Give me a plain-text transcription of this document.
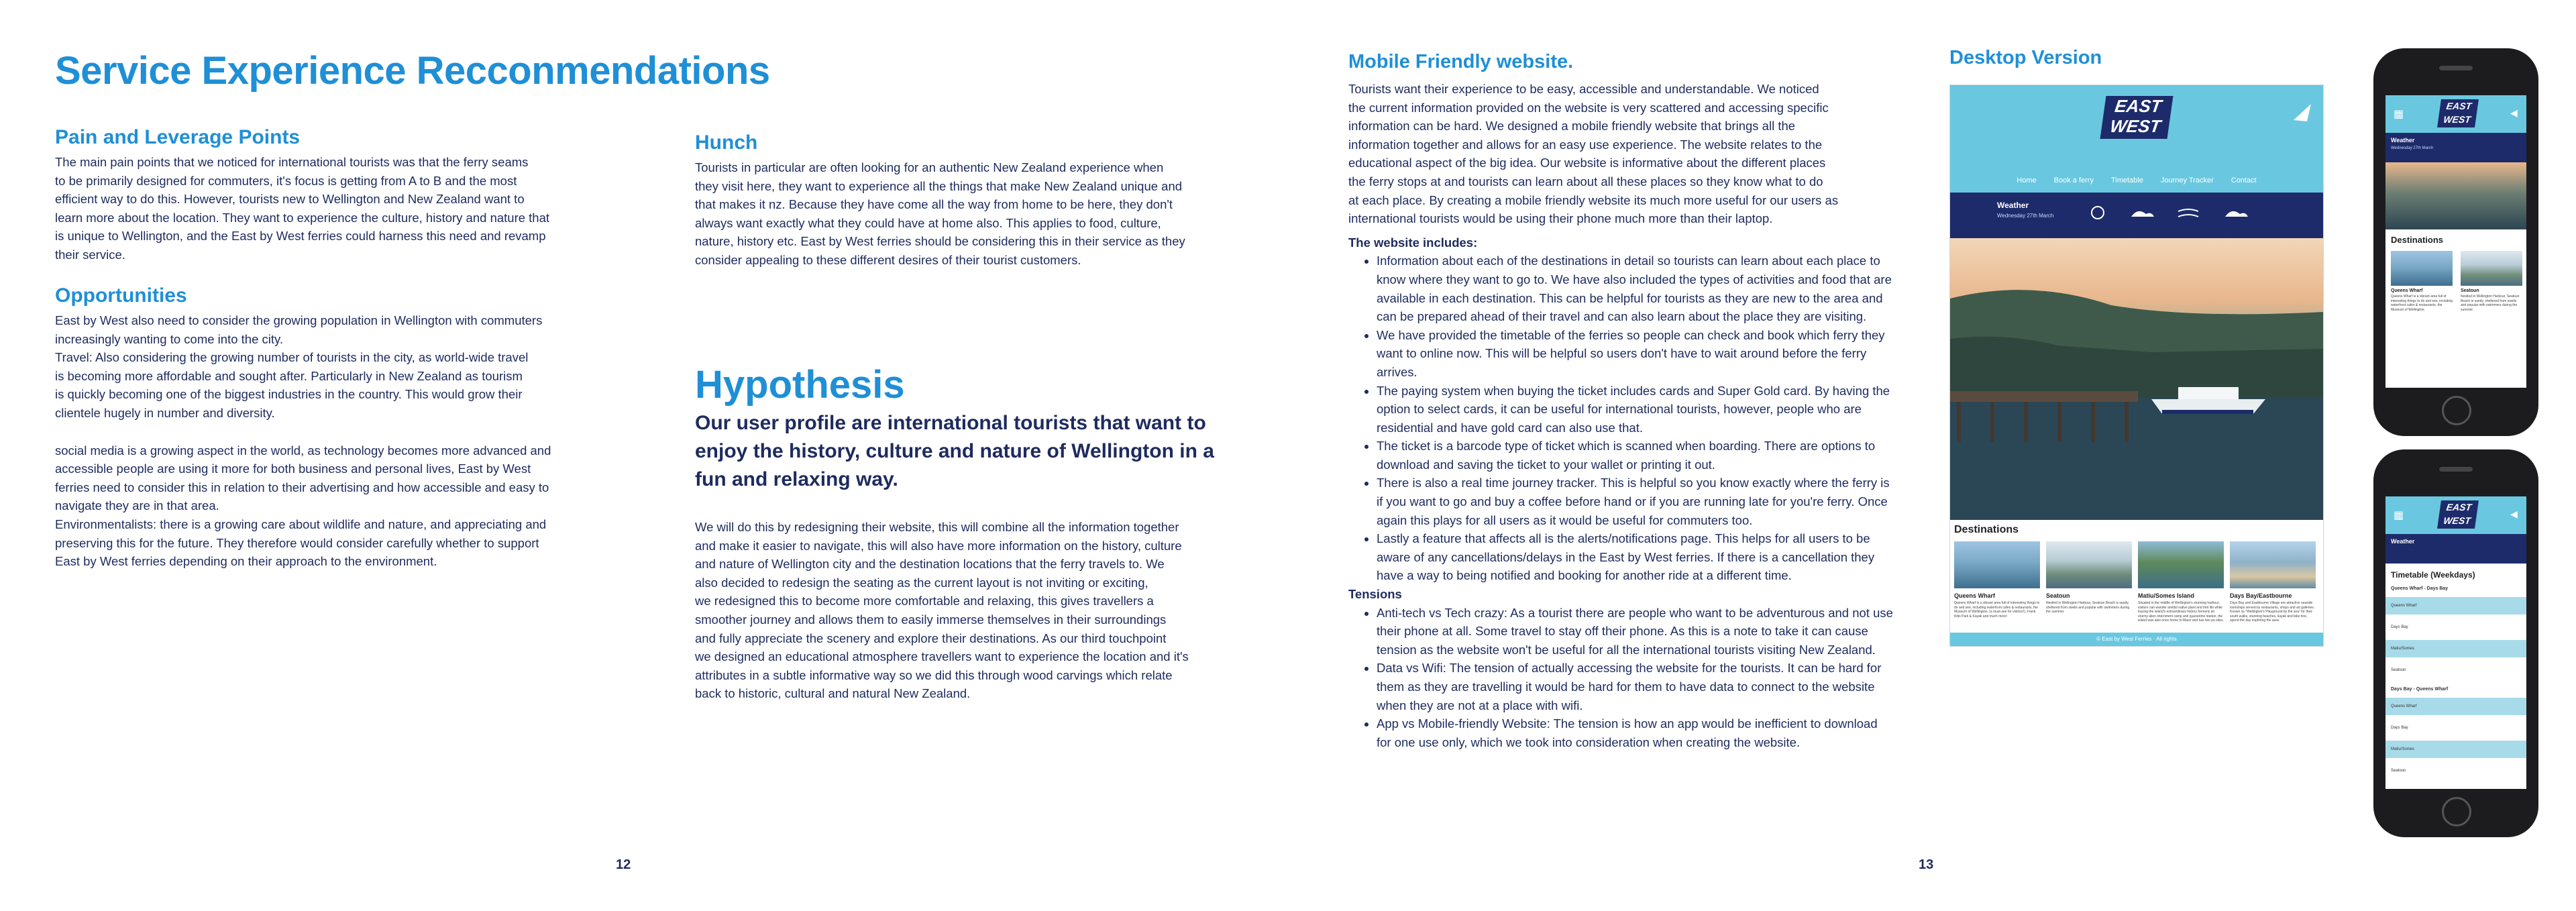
Service Experience Recconmendations
Pain and Leverage Points
The main pain points that we noticed for international tourists was that the ferry seams
to be primarily designed for commuters, it's focus is getting from A to B and the most
efficient way to do this. However, tourists new to Wellington and New Zealand want to
learn more about the location. They want to experience the culture, history and nature that
is unique to Wellington, and the East by West ferries could harness this need and revamp
their service.
Opportunities
East by West also need to consider the growing population in Wellington with commuters
increasingly wanting to come into the city.
Travel: Also considering the growing number of tourists in the city, as world-wide travel
is becoming more affordable and sought after. Particularly in New Zealand as tourism
is quickly becoming one of the biggest industries in the country. This would grow their
clientele hugely in number and diversity.
social media is a growing aspect in the world, as technology becomes more advanced and
accessible people are using it more for both business and personal lives, East by West
ferries need to consider this in relation to their advertising and how accessible and easy to
navigate they are in that area.
Environmentalists: there is a growing care about wildlife and nature, and appreciating and
preserving this for the future. They therefore would consider carefully whether to support
East by West ferries depending on their approach to the environment.
Hunch
Tourists in particular are often looking for an authentic New Zealand experience when
they visit here, they want to experience all the things that make New Zealand unique and
that makes it nz. Because they have come all the way from home to be here, they don't
always want exactly what they could have at home also. This applies to food, culture,
nature, history etc. East by West ferries should be considering this in their service as they
consider appealing to these different desires of their tourist customers.
Hypothesis
Our user profile are international tourists that want to enjoy the history, culture and nature of Wellington in a fun and relaxing way.
We will do this by redesigning their website, this will combine all the information together
and make it easier to navigate, this will also have more information on the history, culture
and nature of Wellington city and the destination locations that the ferry travels to. We
also decided to redesign the seating as the current layout is not inviting or exciting,
we redesigned this to become more comfortable and relaxing, this gives travellers a
smoother journey and allows them to easily immerse themselves in their surroundings
and fully appreciate the scenery and explore their destinations. As our third touchpoint
we designed an educational atmosphere travellers want to experience the location and it's
attributes in a subtle informative way so we did this through wood carvings which relate
back to historic, cultural and natural New Zealand.
12
Mobile Friendly website.
Tourists want their experience to be easy, accessible and understandable. We noticed
the current information provided on the website is very scattered and accessing specific
information can be hard. We designed a mobile friendly website that brings all the
information together and allows for an easy use experience. The website relates to the
educational aspect of the big idea. Our website is informative about the different places
the ferry stops at and tourists can learn about all these places so they know what to do
at each place. By creating a mobile friendly website its much more useful for our users as
international tourists would be using their phone much more than their laptop.
The website includes:
• Information about each of the destinations in detail so tourists can learn about each place to know where they want to go to. We have also included the types of activities and food that are available in each destination. This can be helpful for tourists as they are new to the area and can be prepared ahead of their travel and can also learn about the place they are visiting.
• We have provided the timetable of the ferries so people can check and book which ferry they want to online now. This will be helpful so users don't have to wait around before the ferry arrives.
• The paying system when buying the ticket includes cards and Super Gold card. By having the option to select cards, it can be useful for international tourists, however, people who are residential and have gold card can also use that.
• The ticket is a barcode type of ticket which is scanned when boarding. There are options to download and saving the ticket to your wallet or printing it out.
• There is also a real time journey tracker. This is helpful so you know exactly where the ferry is if you want to go and buy a coffee before hand or if you are running late for you're ferry. Once again this plays for all users as it would be useful for commuters too.
• Lastly a feature that affects all is the alerts/notifications page. This helps for all users to be aware of any cancellations/delays in the East by West ferries. If there is a cancellation they have a way to being notified and booking for another ride at a different time.
Tensions
• Anti-tech vs Tech crazy: As a tourist there are people who want to be adventurous and not use their phone at all. Some travel to stay off their phone. As this is a note to take it can cause tension as the website won't be useful for all the international tourists visiting New Zealand.
• Data vs Wifi: The tension of actually accessing the website for the tourists. It can be hard for them as they are travelling it would be hard for them to have data to connect to the website when they are not at a place with wifi.
• App vs Mobile-friendly Website: The tension is how an app would be inefficient to download for one use only, which we took into consideration when creating the website.
Desktop Version
EAST
WEST
Home Book a ferry Timetable Journey Tracker Contact
Weather
Wednesday 27th March
Destinations
Queens Wharf
Queens Wharf is a vibrant area full of interesting things to do and see, including waterfront cafes & restaurants, the Museum of Wellington, (a must-see for visitors!), Frank Kitts Park & Kayak and much more!
Seatoun
Nestled in Wellington Harbour, Seatoun Beach is sandy, sheltered from swells and popular with swimmers during the summer.
Matiu/Somes Island
Situated in the middle of Wellington's stunning harbour, visitors can wander amidst native plant and bird life while tracing the island's extraordinary history formerly an enemy alien internment camp and quarantine station, the island was also once home to Maori and has two pa sites.
Days Bay/Eastbourne
Days Bay and Eastbourne Village are attractive seaside townships served by restaurants, shops and art galleries. Known as "Wellington's Playground by the sea" for their south walks, stunning beaches, kayak and bike hire, spend the day exploring the area.
© East by West Ferries · All rights
▦
EAST
WEST
◀
Weather
Wednesday 27th March
Destinations
Queens Wharf
Queens Wharf is a vibrant area full of interesting things to do and see, including waterfront cafes & restaurants, the Museum of Wellington.
Seatoun
Nestled in Wellington Harbour, Seatoun Beach is sandy, sheltered from swells and popular with swimmers during the summer.
▦
EAST
WEST
◀
Weather
Timetable (Weekdays)
Queens Wharf - Days Bay
Queens Wharf
Days Bay
Matiu/Somes
Seatoun
Days Bay - Queens Wharf
Queens Wharf
Days Bay
Matiu/Somes
Seatoun
13
